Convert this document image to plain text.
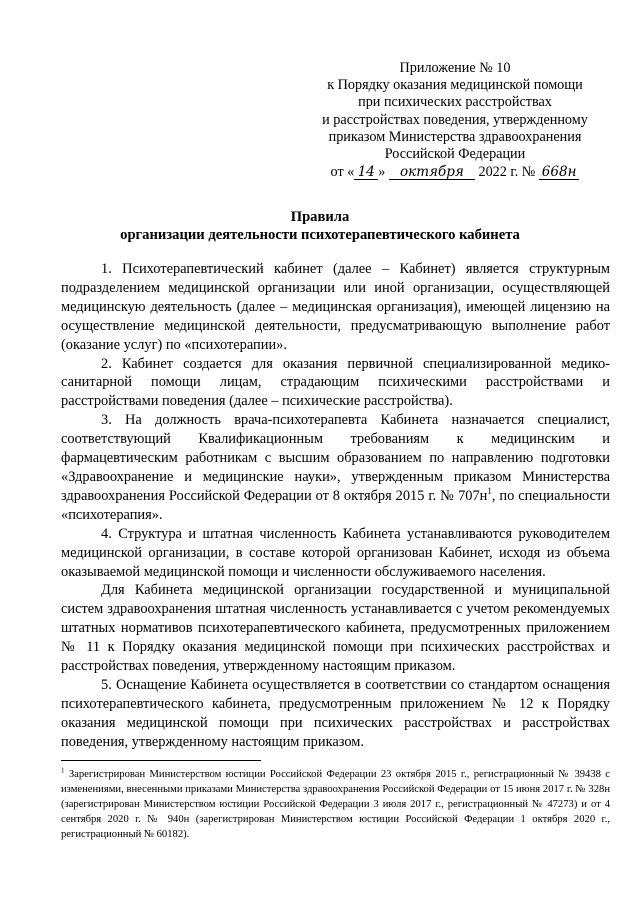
Приложение № 10
к Порядку оказания медицинской помощи
при психических расстройствах
и расстройствах поведения, утвержденному
приказом Министерства здравоохранения
Российской Федерации
от « 14 » октября 2022 г. № 668н
Правила
организации деятельности психотерапевтического кабинета

1. Психотерапевтический кабинет (далее – Кабинет) является структурным подразделением медицинской организации или иной организации, осуществляющей медицинскую деятельность (далее – медицинская организация), имеющей лицензию на осуществление медицинской деятельности, предусматривающую выполнение работ (оказание услуг) по «психотерапии».

2. Кабинет создается для оказания первичной специализированной медико-санитарной помощи лицам, страдающим психическими расстройствами и расстройствами поведения (далее – психические расстройства).

3. На должность врача-психотерапевта Кабинета назначается специалист, соответствующий Квалификационным требованиям к медицинским и фармацевтическим работникам с высшим образованием по направлению подготовки «Здравоохранение и медицинские науки», утвержденным приказом Министерства здравоохранения Российской Федерации от 8 октября 2015 г. № $707н^1$, по специальности «психотерапия».

4. Структура и штатная численность Кабинета устанавливаются руководителем медицинской организации, в составе которой организован Кабинет, исходя из объема оказываемой медицинской помощи и численности обслуживаемого населения.

Для Кабинета медицинской организации государственной и муниципальной систем здравоохранения штатная численность устанавливается с учетом рекомендуемых штатных нормативов психотерапевтического кабинета, предусмотренных приложением № 11 к Порядку оказания медицинской помощи при психических расстройствах и расстройствах поведения, утвержденному настоящим приказом.

5. Оснащение Кабинета осуществляется в соответствии со стандартом оснащения психотерапевтического кабинета, предусмотренным приложением № 12 к Порядку оказания медицинской помощи при психических расстройствах и расстройствах поведения, утвержденному настоящим приказом.

$^1$ Зарегистрирован Министерством юстиции Российской Федерации 23 октября 2015 г., регистрационный № 39438 с изменениями, внесенными приказами Министерства здравоохранения Российской Федерации от 15 июня 2017 г. № 328н (зарегистрирован Министерством юстиции Российской Федерации 3 июля 2017 г., регистрационный № 47273) и от 4 сентября 2020 г. № 940н (зарегистрирован Министерством юстиции Российской Федерации 1 октября 2020 г., регистрационный № 60182).
